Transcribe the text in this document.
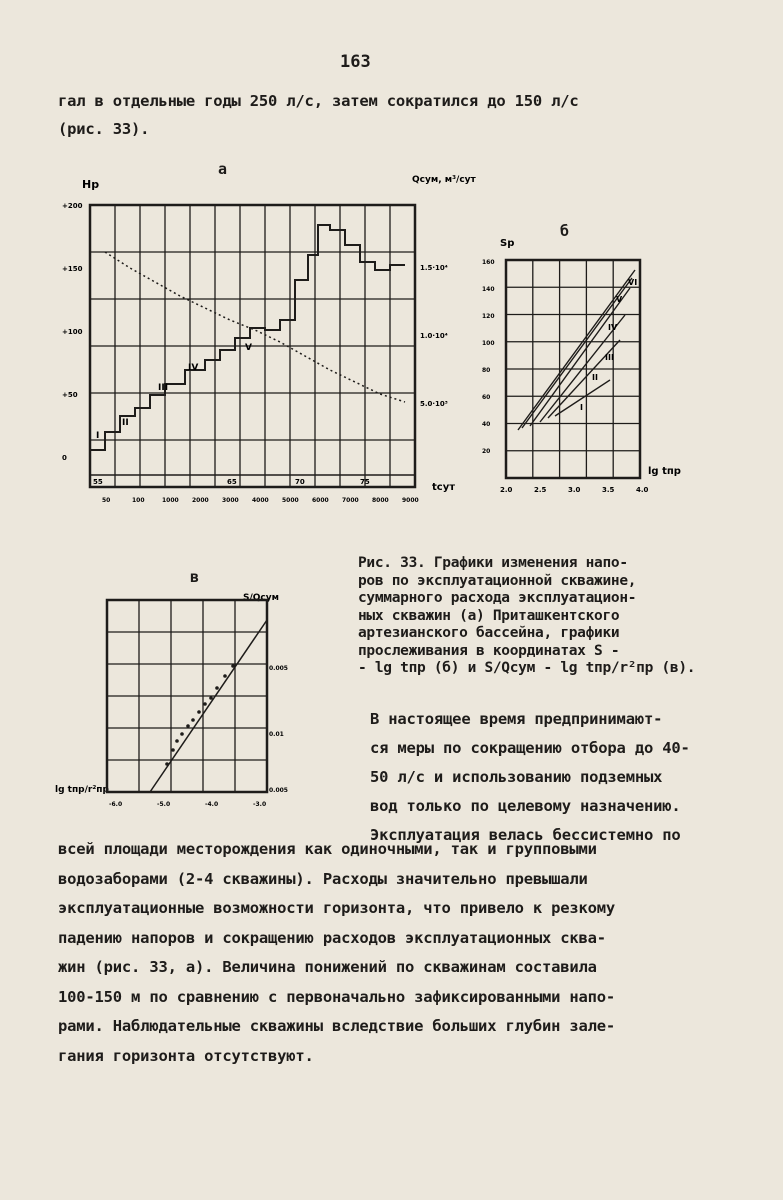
163
гал в отдельные годы 250 л/с, затем сократился до 150 л/с
(рис. 33).
а
Hр	Qсум, м³/сут
tсут
+200
+150
+100
+50
0
1.5·10⁴
1.0·10⁴
5.0·10³
50	100	1000 2000 3000 4000 5000 6000 7000 8000 9000
55	65	70	75
I
II
III
IV
V
б
Sр
lg tпр
160
140
120
100
80
60
40
20
2.0	2.5	3.0	3.5	4.0
I
II
III
IV
V
VI
в
S/Qсум
lg tпр/r²пр
0.005
0.01
0.005
-6.0	-5.0	-4.0	-3.0
Рис. 33. Графики изменения напо-
ров по эксплуатационной скважине,
суммарного расхода эксплуатацион-
ных скважин (а) Приташкентского
артезианского бассейна, графики
прослеживания в координатах S -
- lg tпр (б) и S/Qсум - lg tпр/r²пр (в).
В настоящее время предпринимают-
ся меры по сокращению отбора до 40-
50 л/с и использованию подземных
вод только по целевому назначению.
Эксплуатация велась бессистемно по
всей площади месторождения как одиночными, так и групповыми
водозаборами (2-4 скважины). Расходы значительно превышали
эксплуатационные возможности горизонта, что привело к резкому
падению напоров и сокращению расходов эксплуатационных сква-
жин (рис. 33, а). Величина понижений по скважинам составила
100-150 м по сравнению с первоначально зафиксированными напо-
рами. Наблюдательные скважины вследствие больших глубин зале-
гания горизонта отсутствуют.
